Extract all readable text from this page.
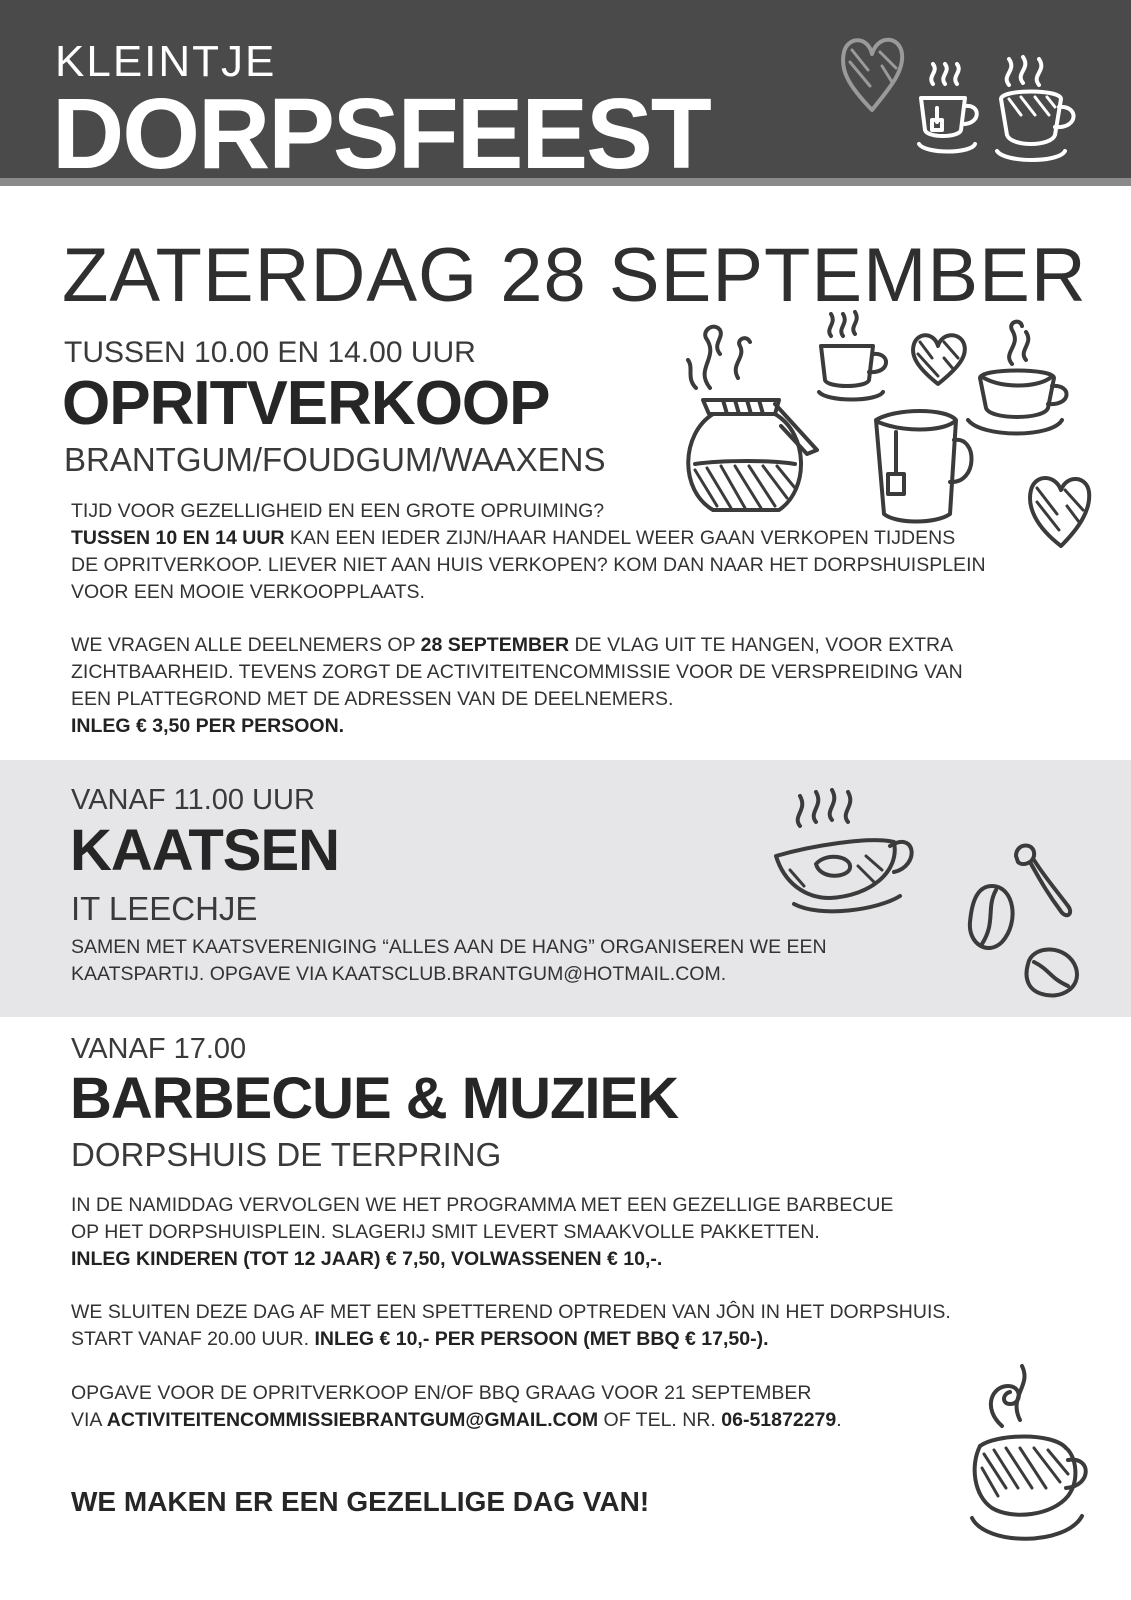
KLEINTJE
DORPSFEEST
ZATERDAG 28 SEPTEMBER
TUSSEN 10.00 EN 14.00 UUR
OPRITVERKOOP
BRANTGUM/FOUDGUM/WAAXENS
TIJD VOOR GEZELLIGHEID EN EEN GROTE OPRUIMING?
TUSSEN 10 EN 14 UUR KAN EEN IEDER ZIJN/HAAR HANDEL WEER GAAN VERKOPEN TIJDENS
DE OPRITVERKOOP. LIEVER NIET AAN HUIS VERKOPEN? KOM DAN NAAR HET DORPSHUISPLEIN
VOOR EEN MOOIE VERKOOPPLAATS.
WE VRAGEN ALLE DEELNEMERS OP 28 SEPTEMBER DE VLAG UIT TE HANGEN, VOOR EXTRA
ZICHTBAARHEID. TEVENS ZORGT DE ACTIVITEITENCOMMISSIE VOOR DE VERSPREIDING VAN
EEN PLATTEGROND MET DE ADRESSEN VAN DE DEELNEMERS.
INLEG € 3,50 PER PERSOON.
VANAF 11.00 UUR
KAATSEN
IT LEECHJE
SAMEN MET KAATSVERENIGING “ALLES AAN DE HANG” ORGANISEREN WE EEN
KAATSPARTIJ. OPGAVE VIA KAATSCLUB.BRANTGUM@HOTMAIL.COM.
VANAF 17.00
BARBECUE & MUZIEK
DORPSHUIS DE TERPRING
IN DE NAMIDDAG VERVOLGEN WE HET PROGRAMMA MET EEN GEZELLIGE BARBECUE
OP HET DORPSHUISPLEIN. SLAGERIJ SMIT LEVERT SMAAKVOLLE PAKKETTEN.
INLEG KINDEREN (TOT 12 JAAR) € 7,50, VOLWASSENEN € 10,-.
WE SLUITEN DEZE DAG AF MET EEN SPETTEREND OPTREDEN VAN JÔN IN HET DORPSHUIS.
START VANAF 20.00 UUR. INLEG € 10,- PER PERSOON (MET BBQ € 17,50-).
OPGAVE VOOR DE OPRITVERKOOP EN/OF BBQ GRAAG VOOR 21 SEPTEMBER
VIA ACTIVITEITENCOMMISSIEBRANTGUM@GMAIL.COM OF TEL. NR. 06-51872279.
WE MAKEN ER EEN GEZELLIGE DAG VAN!
